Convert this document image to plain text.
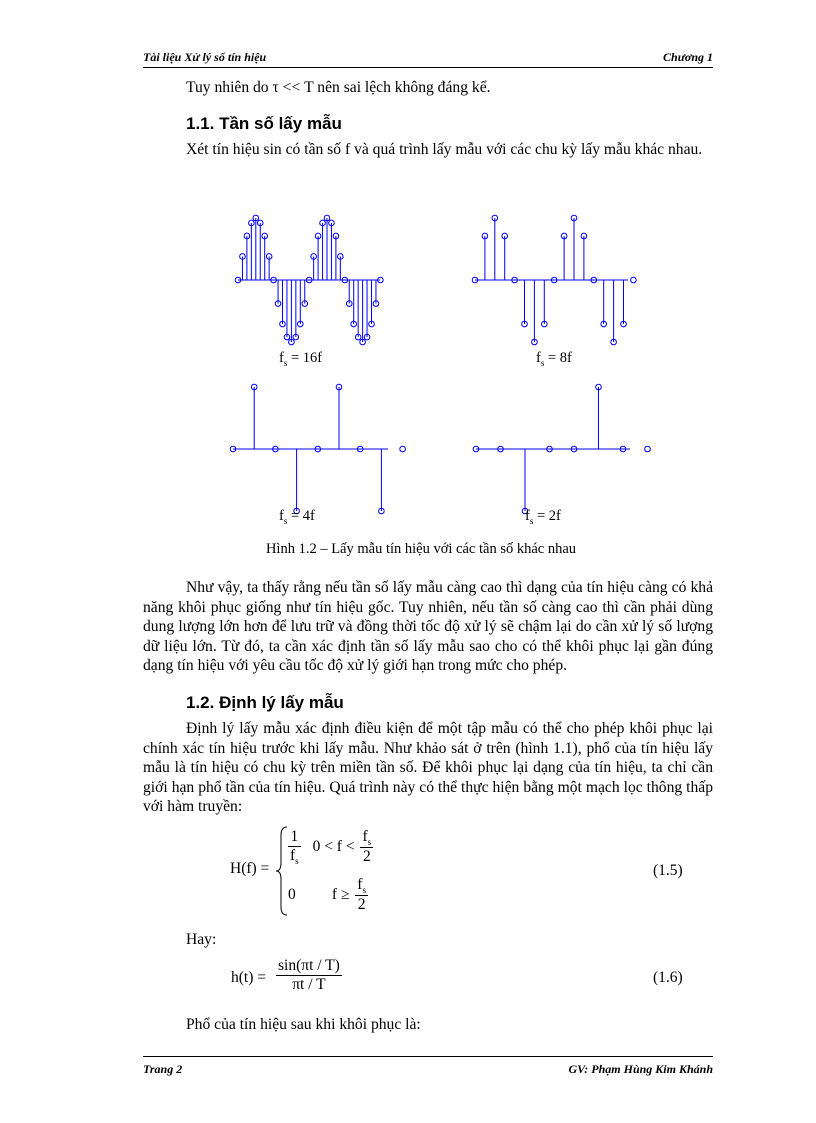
Tài liệu Xử lý số tín hiệu	Chương 1
Tuy nhiên do τ << T nên sai lệch không đáng kể.
1.1. Tần số lấy mẫu
Xét tín hiệu sin có tần số f và quá trình lấy mẫu với các chu kỳ lấy mẫu khác nhau.
$f_s = 16f$	$f_s = 8f$
$f_s = 4f$	$f_s = 2f$
Hình 1.2 – Lấy mẫu tín hiệu với các tần số khác nhau
Như vậy, ta thấy rằng nếu tần số lấy mẫu càng cao thì dạng của tín hiệu càng có khả năng khôi phục giống như tín hiệu gốc. Tuy nhiên, nếu tần số càng cao thì cần phải dùng dung lượng lớn hơn để lưu trữ và đồng thời tốc độ xử lý sẽ chậm lại do cần xử lý số lượng dữ liệu lớn. Từ đó, ta cần xác định tần số lấy mẫu sao cho có thể khôi phục lại gần đúng dạng tín hiệu với yêu cầu tốc độ xử lý giới hạn trong mức cho phép.
1.2. Định lý lấy mẫu
Định lý lấy mẫu xác định điều kiện để một tập mẫu có thể cho phép khôi phục lại chính xác tín hiệu trước khi lấy mẫu. Như khảo sát ở trên (hình 1.1), phổ của tín hiệu lấy mẫu là tín hiệu có chu kỳ trên miền tần số. Để khôi phục lại dạng của tín hiệu, ta chỉ cần giới hạn phổ tần của tín hiệu. Quá trình này có thể thực hiện bằng một mạch lọc thông thấp với hàm truyền:
H(f) =
$\frac{1}{f_s} 0 < f < \frac{f_s}{2}$
0 $f \ge \frac{f_s}{2}$
(1.5)
Hay:
$h(t) = \frac{\sin(\pi t / T)}{\pi t / T}$	(1.6)
Phổ của tín hiệu sau khi khôi phục là:
Trang 2	GV: Phạm Hùng Kim Khánh
